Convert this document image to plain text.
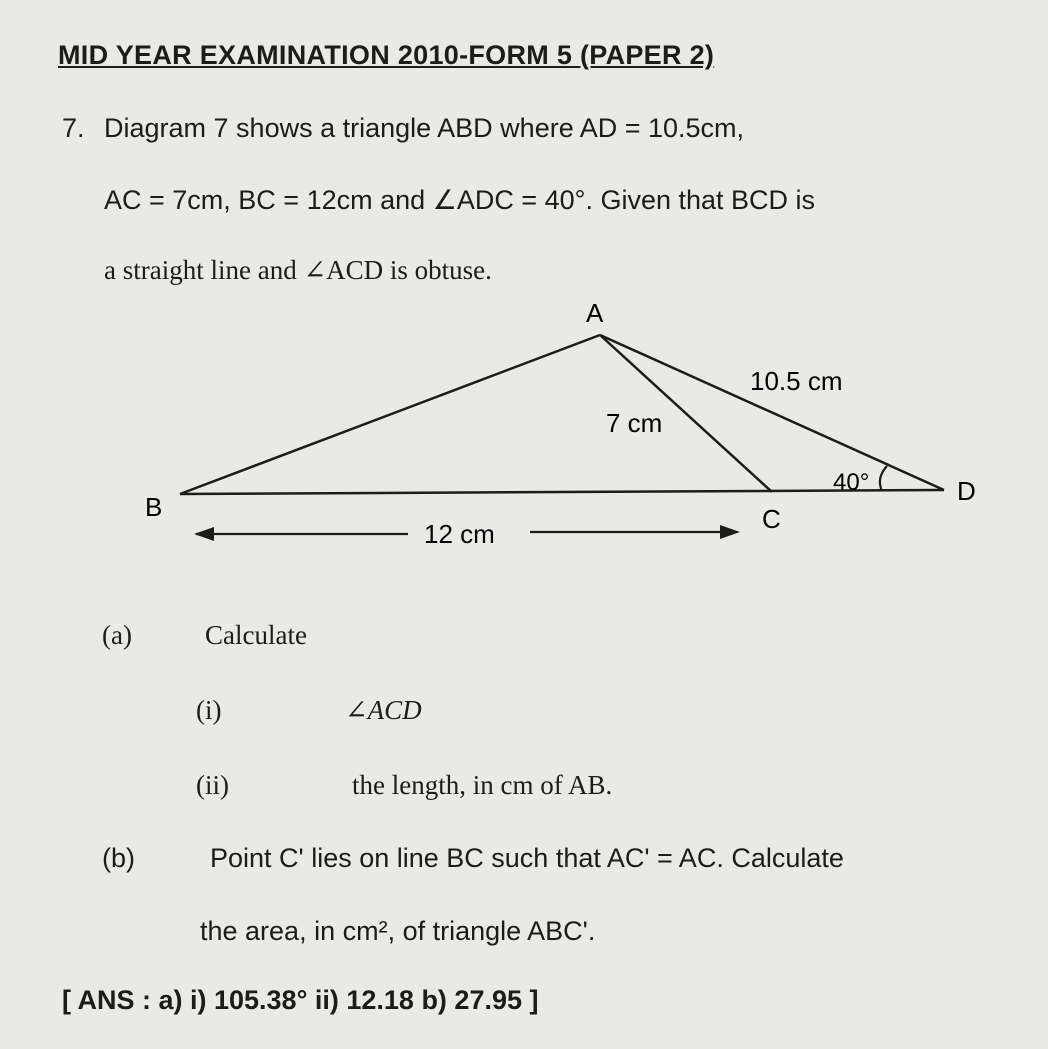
MID YEAR EXAMINATION 2010-FORM 5 (PAPER 2)
7. Diagram 7 shows a triangle ABD where AD = 10.5cm,
AC = 7cm, BC = 12cm and ∠ADC = 40°. Given that BCD is
a straight line and ∠ACD is obtuse.
A
B	C
D
10.5 cm
7 cm
12 cm
40°
(a)	Calculate
(i)	∠ACD
(ii)	the length, in cm of AB.
(b)	Point C' lies on line BC such that AC' = AC. Calculate
the area, in cm², of triangle ABC'.
[ ANS : a) i) 105.38° ii) 12.18 b) 27.95 ]
